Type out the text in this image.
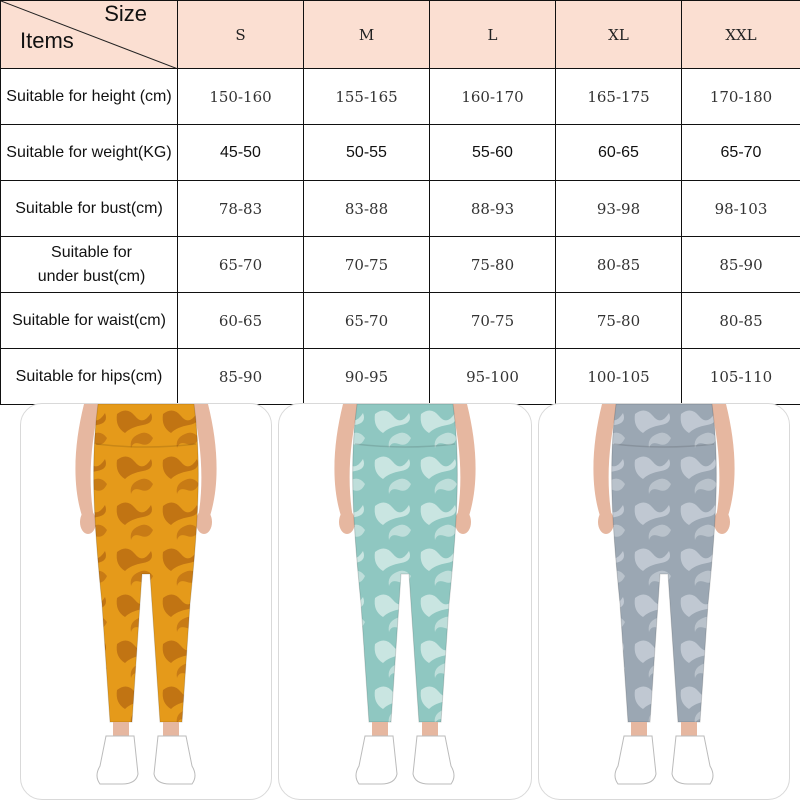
Size
Items	S	M	L	XL	XXL
Suitable for height (cm)	150-160	155-165	160-170	165-175	170-180
Suitable for weight(KG)	45-50	50-55	55-60	60-65	65-70
Suitable for bust(cm)	78-83	83-88	88-93	93-98	98-103

Suitable for
under bust(cm)	65-70	70-75	75-80	80-85	85-90
Suitable for waist(cm)	60-65	65-70	70-75	75-80	80-85
Suitable for hips(cm)	85-90	90-95	95-100	100-105	105-110
